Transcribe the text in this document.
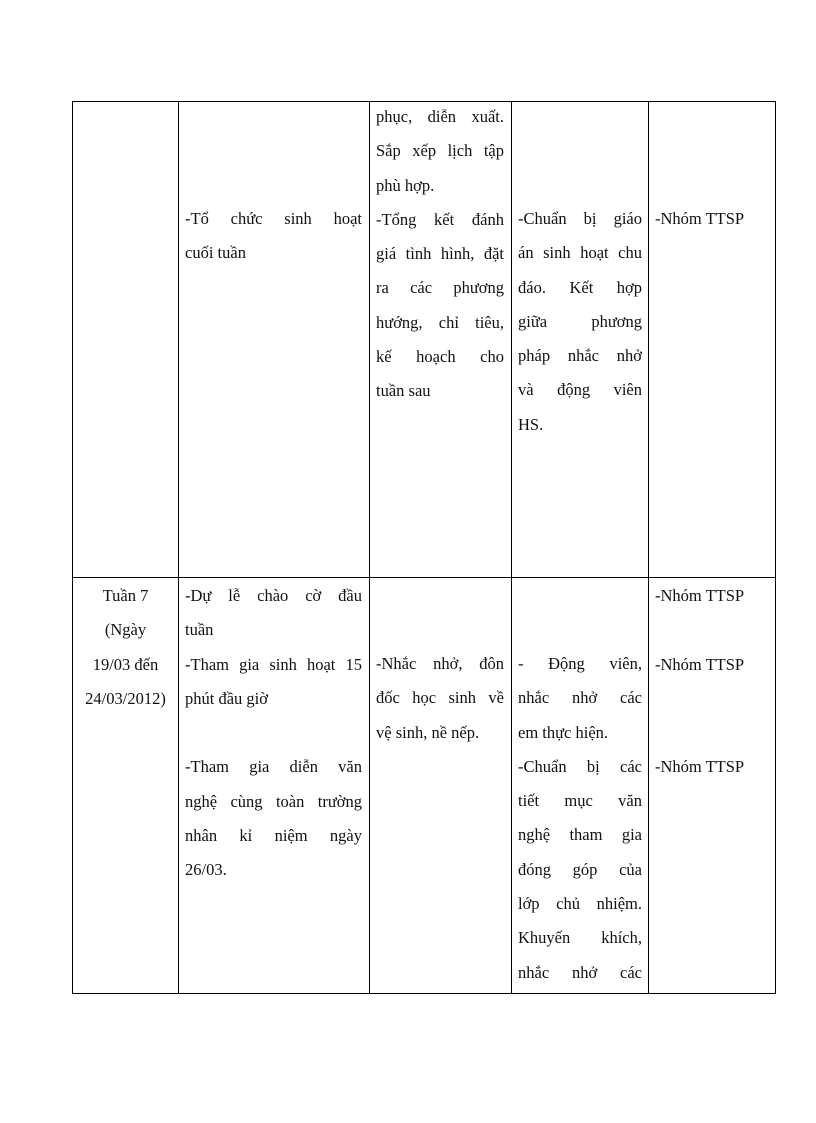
-Tổ chức sinh hoạt
cuối tuần
phục, diễn xuất.
Sắp xếp lịch tập
phù hợp.
-Tổng kết đánh
giá tình hình, đặt
ra các phương
hướng, chỉ tiêu,
kế hoạch cho
tuần sau
-Chuẩn bị giáo
án sinh hoạt chu
đáo. Kết hợp
giữa phương
pháp nhắc nhở
và động viên
HS.
-Nhóm TTSP
Tuần 7
(Ngày
19/03 đến
24/03/2012)
-Dự lễ chào cờ đầu
tuần
-Tham gia sinh hoạt 15
phút đầu giờ
-Tham gia diễn văn
nghệ cùng toàn trường
nhân kỉ niệm ngày
26/03.
-Nhắc nhở, đôn
đốc học sinh về
vệ sinh, nề nếp.
- Động viên,
nhắc nhở các
em thực hiện.
-Chuẩn bị các
tiết mục văn
nghệ tham gia
đóng góp của
lớp chủ nhiệm.
Khuyến khích,
nhắc nhở các
-Nhóm TTSP
-Nhóm TTSP
-Nhóm TTSP
